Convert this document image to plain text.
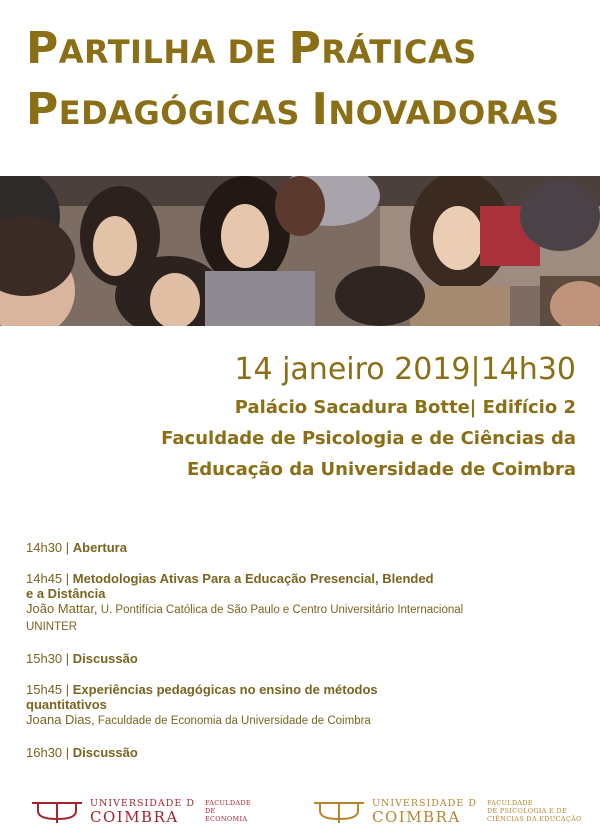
PARTILHA DE PRÁTICAS
PEDAGÓGICAS INOVADORAS
14 janeiro 2019|14h30
Palácio Sacadura Botte| Edifício 2
Faculdade de Psicologia e de Ciências da
Educação da Universidade de Coimbra
14h30 | Abertura
14h45 | Metodologias Ativas Para a Educação Presencial, Blended
e a Distância
João Mattar, U. Pontifícia Católica de São Paulo e Centro Universitário Internacional
UNINTER
15h30 | Discussão
15h45 | Experiências pedagógicas no ensino de métodos
quantitativos
Joana Dias, Faculdade de Economia da Universidade de Coimbra
16h30 | Discussão
UNIVERSIDADE D
COIMBRA
FACULDADE
DE
ECONOMIA
UNIVERSIDADE D
COIMBRA
FACULDADE
DE PSICOLOGIA E DE
CIÊNCIAS DA EDUCAÇÃO
